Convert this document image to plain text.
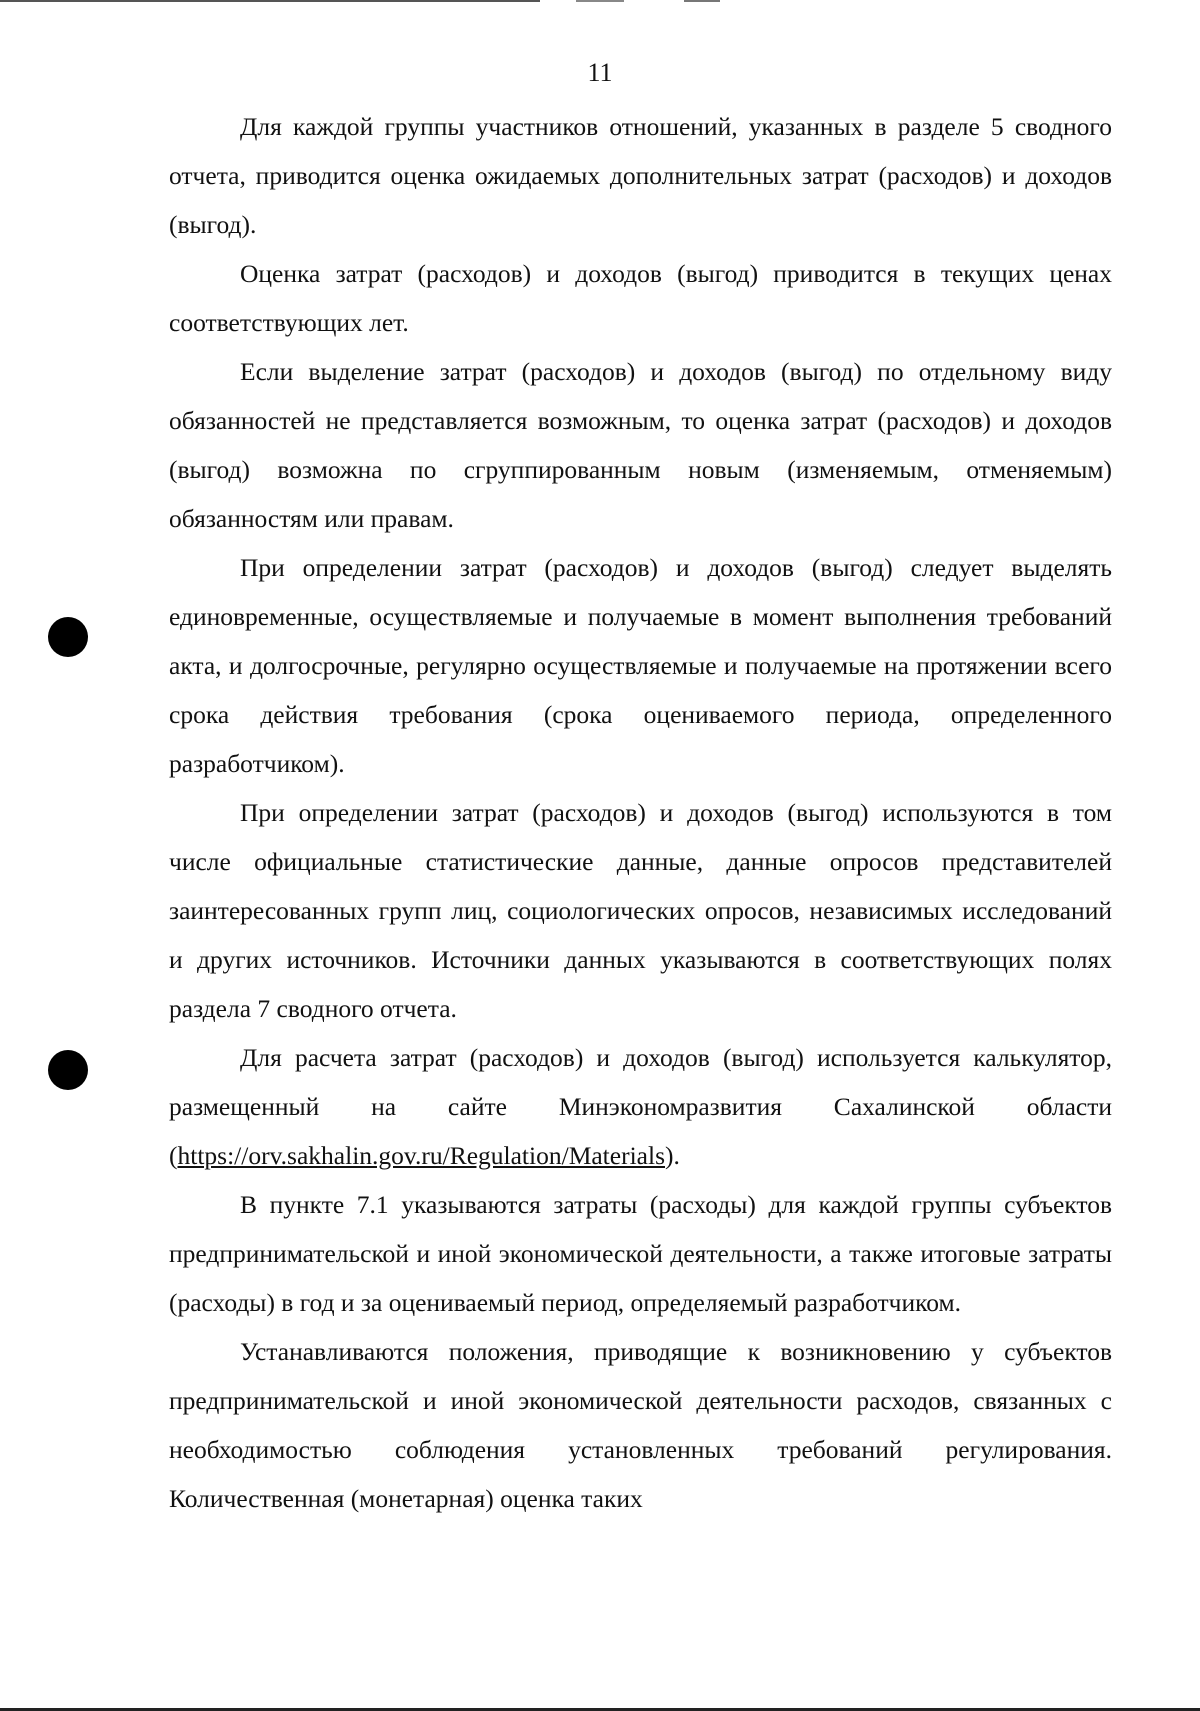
11

Для каждой группы участников отношений, указанных в разделе 5 сводного отчета, приводится оценка ожидаемых дополнительных затрат (расходов) и доходов (выгод).

Оценка затрат (расходов) и доходов (выгод) приводится в текущих ценах соответствующих лет.

Если выделение затрат (расходов) и доходов (выгод) по отдельному виду обязанностей не представляется возможным, то оценка затрат (расходов) и доходов (выгод) возможна по сгруппированным новым (изменяемым, отменяемым) обязанностям или правам.

При определении затрат (расходов) и доходов (выгод) следует выделять единовременные, осуществляемые и получаемые в момент выполнения требований акта, и долгосрочные, регулярно осуществляемые и получаемые на протяжении всего срока действия требования (срока оцениваемого периода, определенного разработчиком).

При определении затрат (расходов) и доходов (выгод) используются в том числе официальные статистические данные, данные опросов представителей заинтересованных групп лиц, социологических опросов, независимых исследований и других источников. Источники данных указываются в соответствующих полях раздела 7 сводного отчета.

Для расчета затрат (расходов) и доходов (выгод) используется калькулятор, размещенный на сайте Минэкономразвития Сахалинской области (https://orv.sakhalin.gov.ru/Regulation/Materials).

В пункте 7.1 указываются затраты (расходы) для каждой группы субъектов предпринимательской и иной экономической деятельности, а также итоговые затраты (расходы) в год и за оцениваемый период, определяемый разработчиком.

Устанавливаются положения, приводящие к возникновению у субъектов предпринимательской и иной экономической деятельности расходов, связанных с необходимостью соблюдения установленных требований регулирования. Количественная (монетарная) оценка таких
